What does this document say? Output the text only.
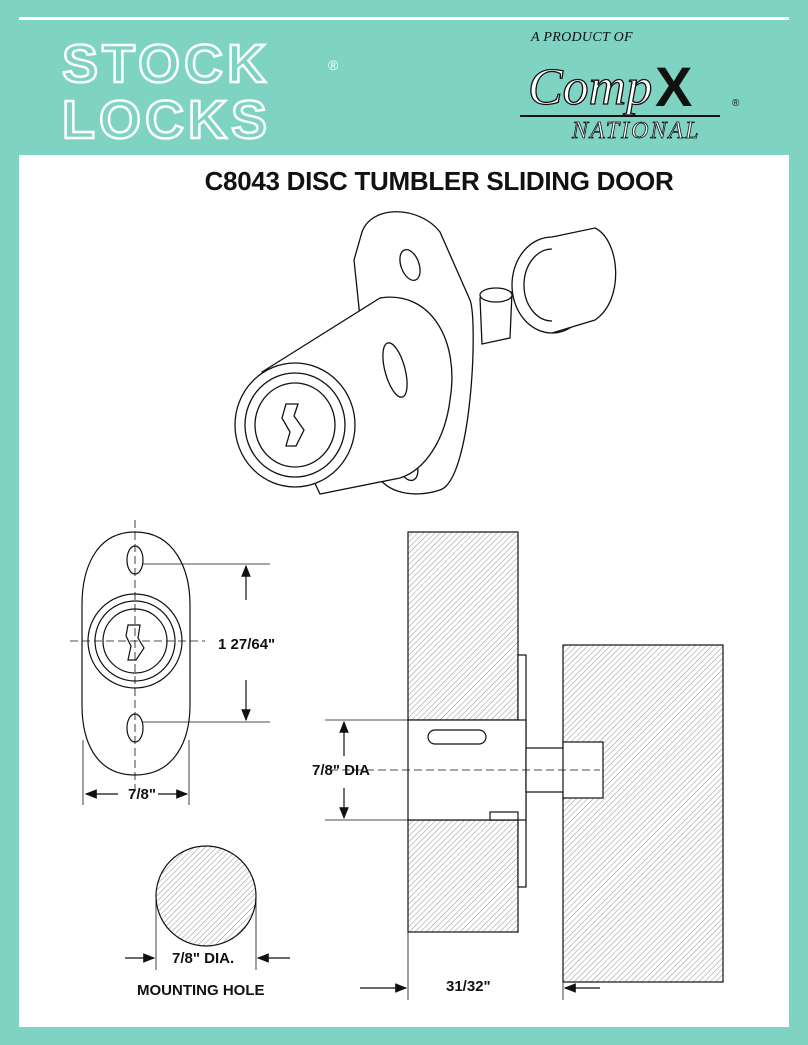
STOCK
LOCKS
®
A PRODUCT OF
Comp X	®
NATIONAL
C8043 DISC TUMBLER SLIDING DOOR
1 27/64"
7/8"
7/8" DIA
7/8" DIA.
MOUNTING HOLE	31/32"
